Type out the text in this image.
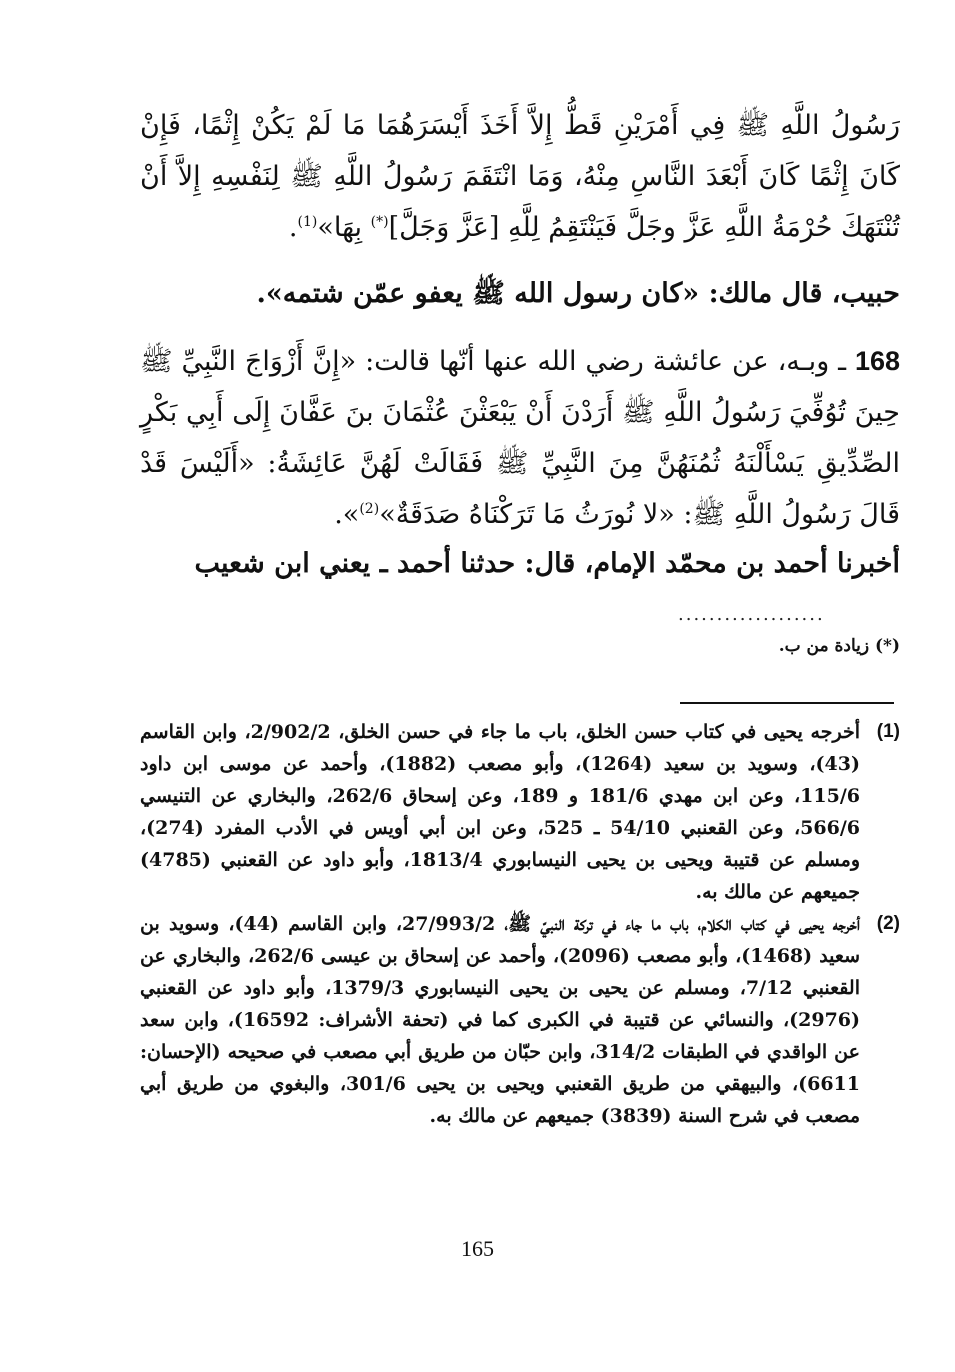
رَسُولُ اللَّهِ ﷺ فِي أَمْرَيْنِ قَطُّ إِلاَّ أَخَذَ أَيْسَرَهُمَا مَا لَمْ يَكُنْ إِثْمًا، فَإِنْ كَانَ إِثْمًا كَانَ أَبْعَدَ النَّاسِ مِنْهُ، وَمَا انْتَقَمَ رَسُولُ اللَّهِ ﷺ لِنَفْسِهِ إِلاَّ أَنْ تُنْتَهَكَ حُرْمَةُ اللَّهِ عَزَّ وجَلَّ فَيَنْتَقِمُ لِلَّهِ [عَزَّ وَجَلَّ](*) بِهَا»$^{(1)}$.

حبيب، قال مالك: «كان رسول الله ﷺ يعفو عمّن شتمه».

168 ـ وبـه، عن عائشة رضي الله عنها أنّها قالت: «إِنَّ أَزْوَاجَ النَّبِيِّ ﷺ حِينَ تُوُفِّيَ رَسُولُ اللَّهِ ﷺ أَرَدْنَ أَنْ يَبْعَثْنَ عُثْمَانَ بنَ عَفَّانَ إِلَى أَبِي بَكْرٍ الصِّدِّيقِ يَسْأَلْنَهُ ثُمُنَهُنَّ مِنَ النَّبِيِّ ﷺ فَقَالَتْ لَهُنَّ عَائِشَةُ: «أَلَيْسَ قَدْ قَالَ رَسُولُ اللَّهِ ﷺ: «لا نُورَثُ مَا تَرَكْنَاهُ صَدَقَةٌ»$^{(2)}$».

أخبرنا أحمد بن محمّد الإمام، قال: حدثنا أحمد ـ يعني ابن شعيب

...................
(*) زيادة من ب.
(1)
أخرجه يحيى في كتاب حسن الخلق، باب ما جاء في حسن الخلق، 2/902/2، وابن القاسم (43)، وسويد بن سعيد (1264)، وأبو مصعب (1882)، وأحمد عن موسى ابن داود 115/6، وعن ابن مهدي 181/6 و 189، وعن إسحاق 262/6، والبخاري عن التنيسي 566/6، وعن القعنبي 54/10 ـ 525، وعن ابن أبي أويس في الأدب المفرد (274)، ومسلم عن قتيبة ويحيى بن يحيى النيسابوري 1813/4، وأبو داود عن القعنبي (4785) جميعهم عن مالك به.
(2)
أخرجه يحيى في كتاب الكلام، باب ما جاء في تركة النبيّ ﷺ، 27/993/2، وابن القاسم (44)، وسويد بن سعيد (1468)، وأبو مصعب (2096)، وأحمد عن إسحاق بن عيسى 262/6، والبخاري عن القعنبي 7/12، ومسلم عن يحيى بن يحيى النيسابوري 1379/3، وأبو داود عن القعنبي (2976)، والنسائي عن قتيبة في الكبرى كما في (تحفة الأشراف: 16592)، وابن سعد عن الواقدي في الطبقات 314/2، وابن حبّان من طريق أبي مصعب في صحيحه (الإحسان: 6611)، والبيهقي من طريق القعنبي ويحيى بن يحيى 301/6، والبغوي من طريق أبي مصعب في شرح السنة (3839) جميعهم عن مالك به.
165
